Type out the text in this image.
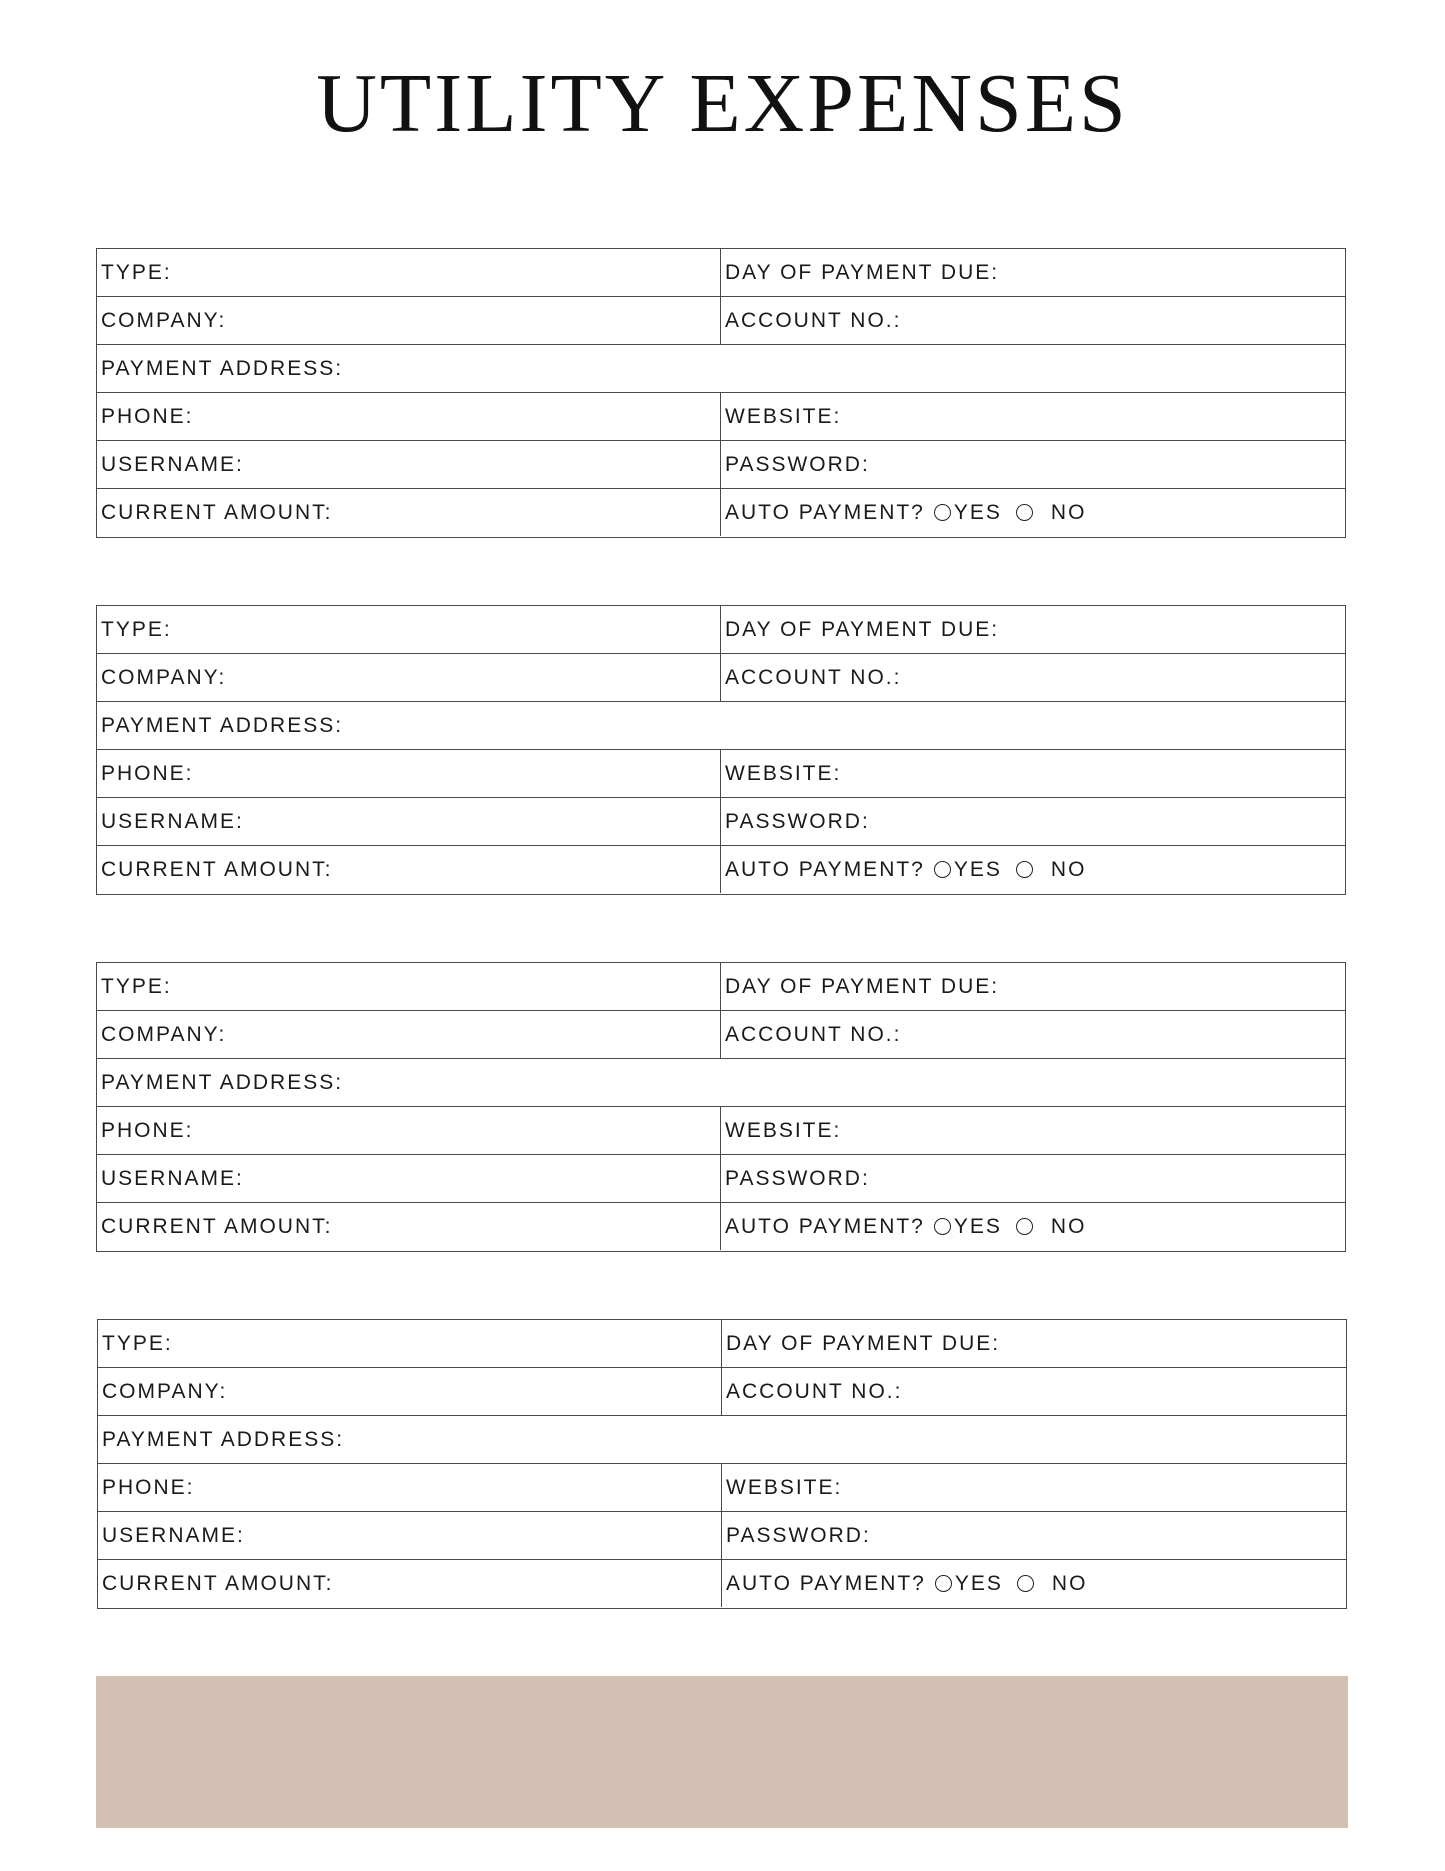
UTILITY EXPENSES
TYPE:	DAY OF PAYMENT DUE:
COMPANY:	ACCOUNT NO.:
PAYMENT ADDRESS:
PHONE:	WEBSITE:
USERNAME:	PASSWORD:
CURRENT AMOUNT:	AUTO PAYMENT? YES NO
TYPE:	DAY OF PAYMENT DUE:
COMPANY:	ACCOUNT NO.:
PAYMENT ADDRESS:
PHONE:	WEBSITE:
USERNAME:	PASSWORD:
CURRENT AMOUNT:	AUTO PAYMENT? YES NO
TYPE:	DAY OF PAYMENT DUE:
COMPANY:	ACCOUNT NO.:
PAYMENT ADDRESS:
PHONE:	WEBSITE:
USERNAME:	PASSWORD:
CURRENT AMOUNT:	AUTO PAYMENT? YES NO
TYPE:	DAY OF PAYMENT DUE:
COMPANY:	ACCOUNT NO.:
PAYMENT ADDRESS:
PHONE:	WEBSITE:
USERNAME:	PASSWORD:
CURRENT AMOUNT:	AUTO PAYMENT? YES NO
